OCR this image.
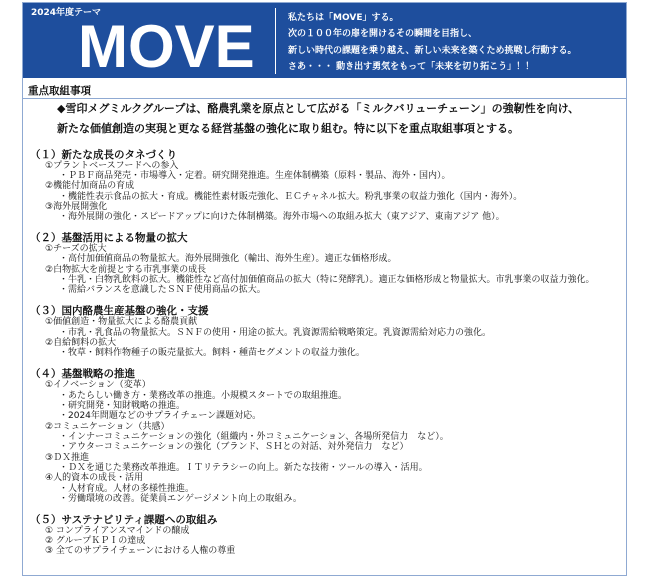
2024年度テーマ
MOVE	私たちは「MOVE」する。
次の１００年の扉を開けるその瞬間を目指し、
新しい時代の課題を乗り越え、新しい未来を築くため挑戦し行動する。
さあ・・・ 動き出す勇気をもって「未来を切り拓こう」！！
重点取組事項
◆雪印メグミルクグループは、酪農乳業を原点として広がる「ミルクバリューチェーン」の強靭性を向け、
新たな価値創造の実現と更なる経営基盤の強化に取り組む。特に以下を重点取組事項とする。
（１）新たな成長のタネづくり
①プラントベースフードへの参入
・ＰＢＦ商品発売・市場導入・定着。研究開発推進。生産体制構築（原料・製品、海外・国内）。
②機能付加商品の育成
・機能性表示食品の拡大・育成。機能性素材販売強化、ＥＣチャネル拡大。粉乳事業の収益力強化（国内・海外）。
③海外展開強化
・海外展開の強化・スピードアップに向けた体制構築。海外市場への取組み拡大（東アジア、東南アジア 他）。
（２）基盤活用による物量の拡大
①チーズの拡大
・高付加価値商品の物量拡大。海外展開強化（輸出、海外生産）。適正な価格形成。
②白物拡大を前提とする市乳事業の成長
・牛乳・白物乳飲料の拡大。機能性など高付加価値商品の拡大（特に発酵乳）。適正な価格形成と物量拡大。市乳事業の収益力強化。
・需給バランスを意識したＳＮＦ使用商品の拡大。
（３）国内酪農生産基盤の強化・支援
①価値創造・物量拡大による酪農貢献
・市乳・乳食品の物量拡大。ＳＮＦの使用・用途の拡大。乳資源需給戦略策定。乳資源需給対応力の強化。
②自給飼料の拡大
・牧草・飼料作物種子の販売量拡大。飼料・種苗セグメントの収益力強化。
（４）基盤戦略の推進
①イノベーション（変革）
・あたらしい働き方・業務改革の推進。小規模スタートでの取組推進。
・研究開発・知財戦略の推進。
・2024年問題などのサプライチェーン課題対応。
②コミュニケーション（共感）
・インナーコミュニケーションの強化（組織内・外コミュニケーション、各場所発信力　など）。
・アウターコミュニケーションの強化（ブランド、ＳＨとの対話、対外発信力　など）
③ＤＸ推進
・ＤＸを通じた業務改革推進。ＩＴリテラシーの向上。新たな技術・ツールの導入・活用。
④人的資本の成長・活用
・人材育成。人材の多様性推進。
・労働環境の改善。従業員エンゲージメント向上の取組み。
（５）サステナビリティ課題への取組み
① コンプライアンスマインドの醸成
② グループＫＰＩの達成
③ 全てのサプライチェーンにおける人権の尊重
